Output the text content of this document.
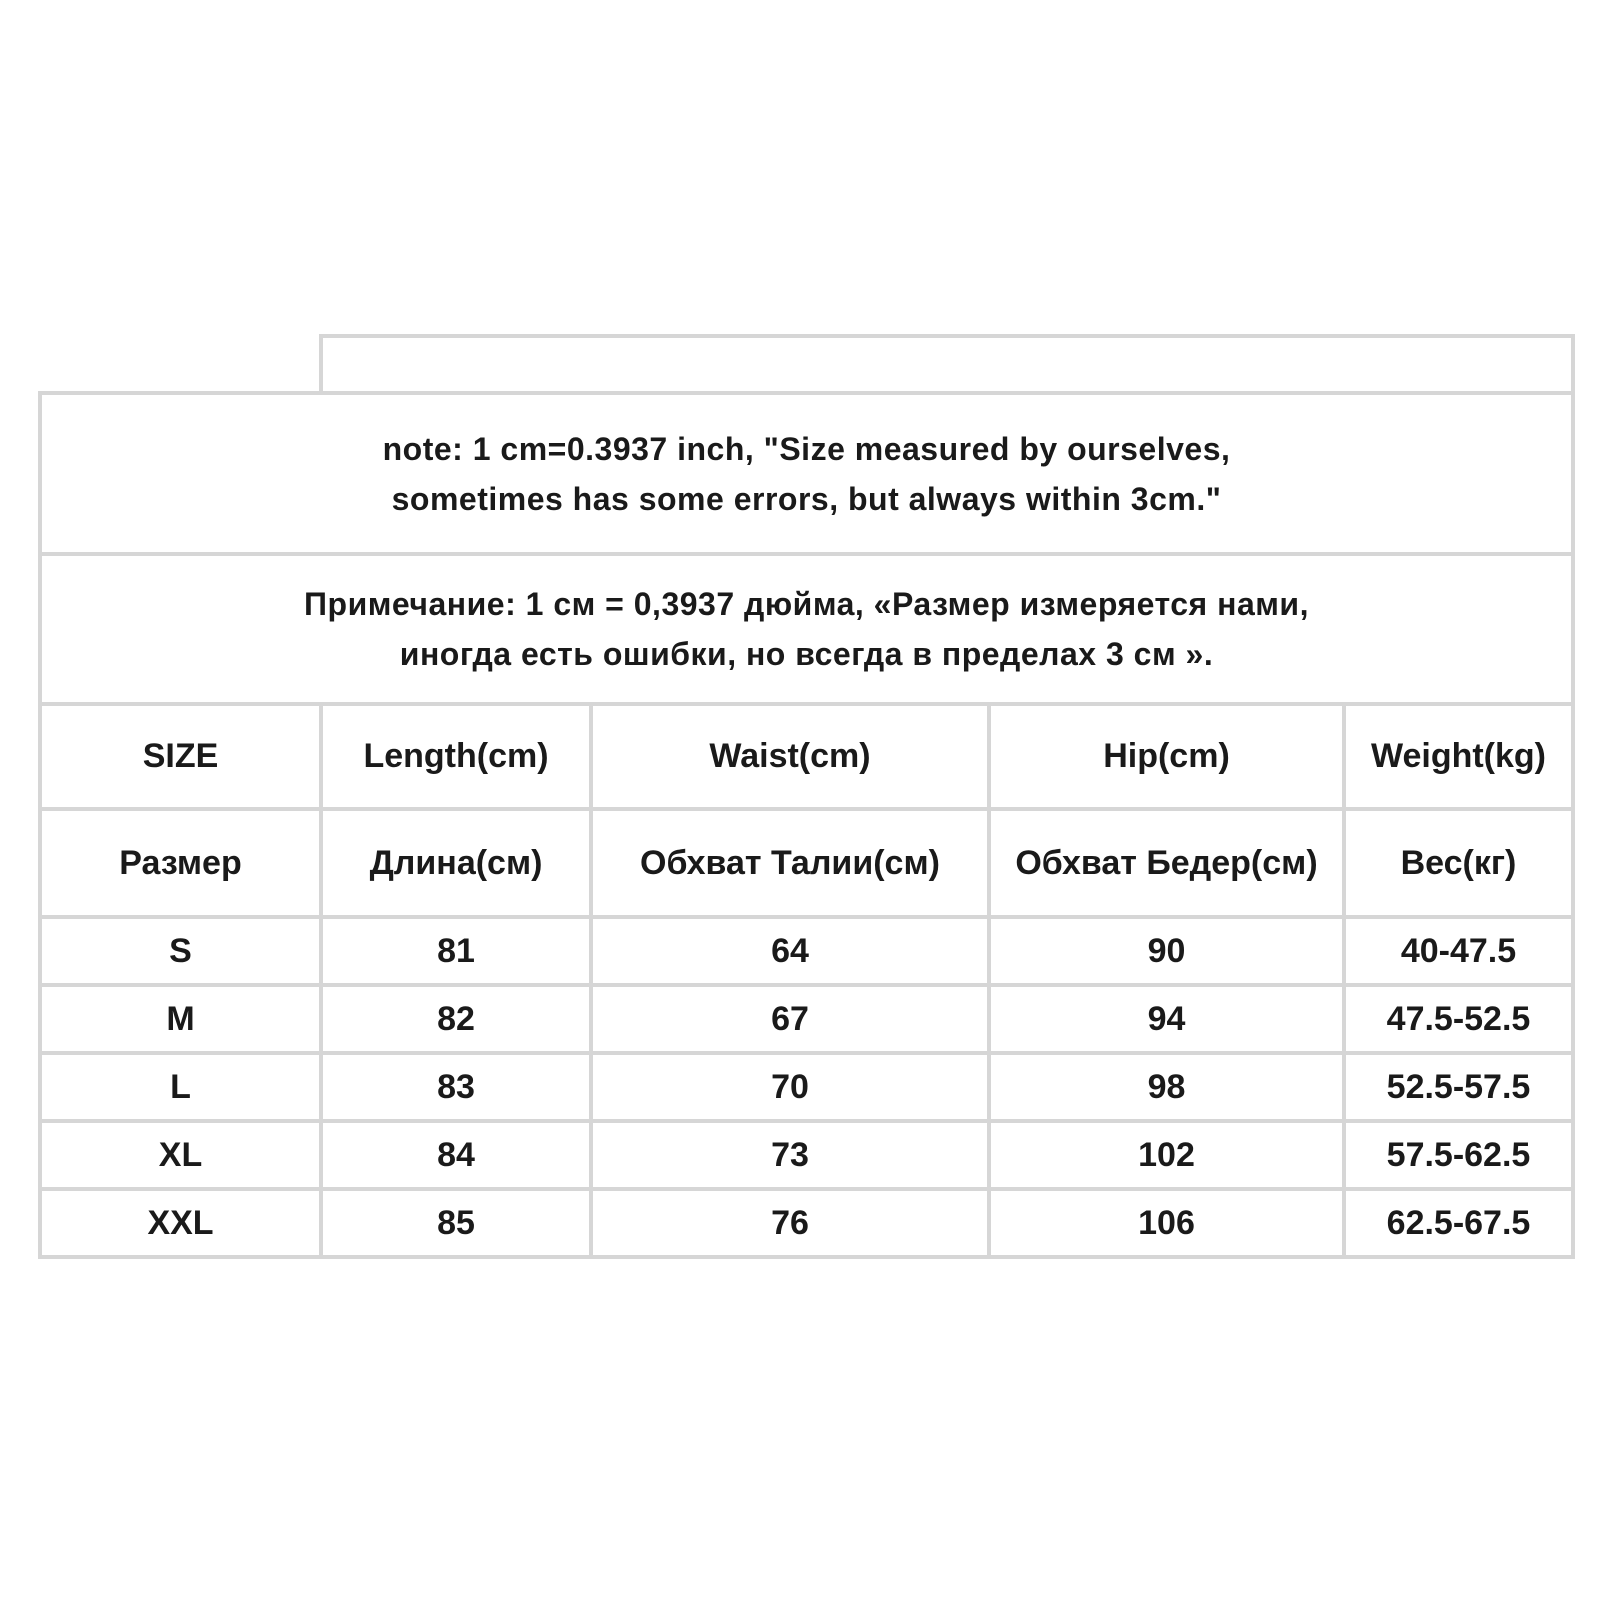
note: 1 cm=0.3937 inch, "Size measured by ourselves,
sometimes has some errors, but always within 3cm."				

Примечание: 1 см = 0,3937 дюйма, «Размер измеряется нами,
иногда есть ошибки, но всегда в пределах 3 см ».				

SIZE	Length(cm)	Waist(cm)	Hip(cm)	Weight(kg)
Размер	Длина(см)	Обхват Талии(см)	Обхват Бедер(см)	Вес(кг)
S	81	64	90	40-47.5
M	82	67	94	47.5-52.5
L	83	70	98	52.5-57.5
XL	84	73	102	57.5-62.5
XXL	85	76	106	62.5-67.5
